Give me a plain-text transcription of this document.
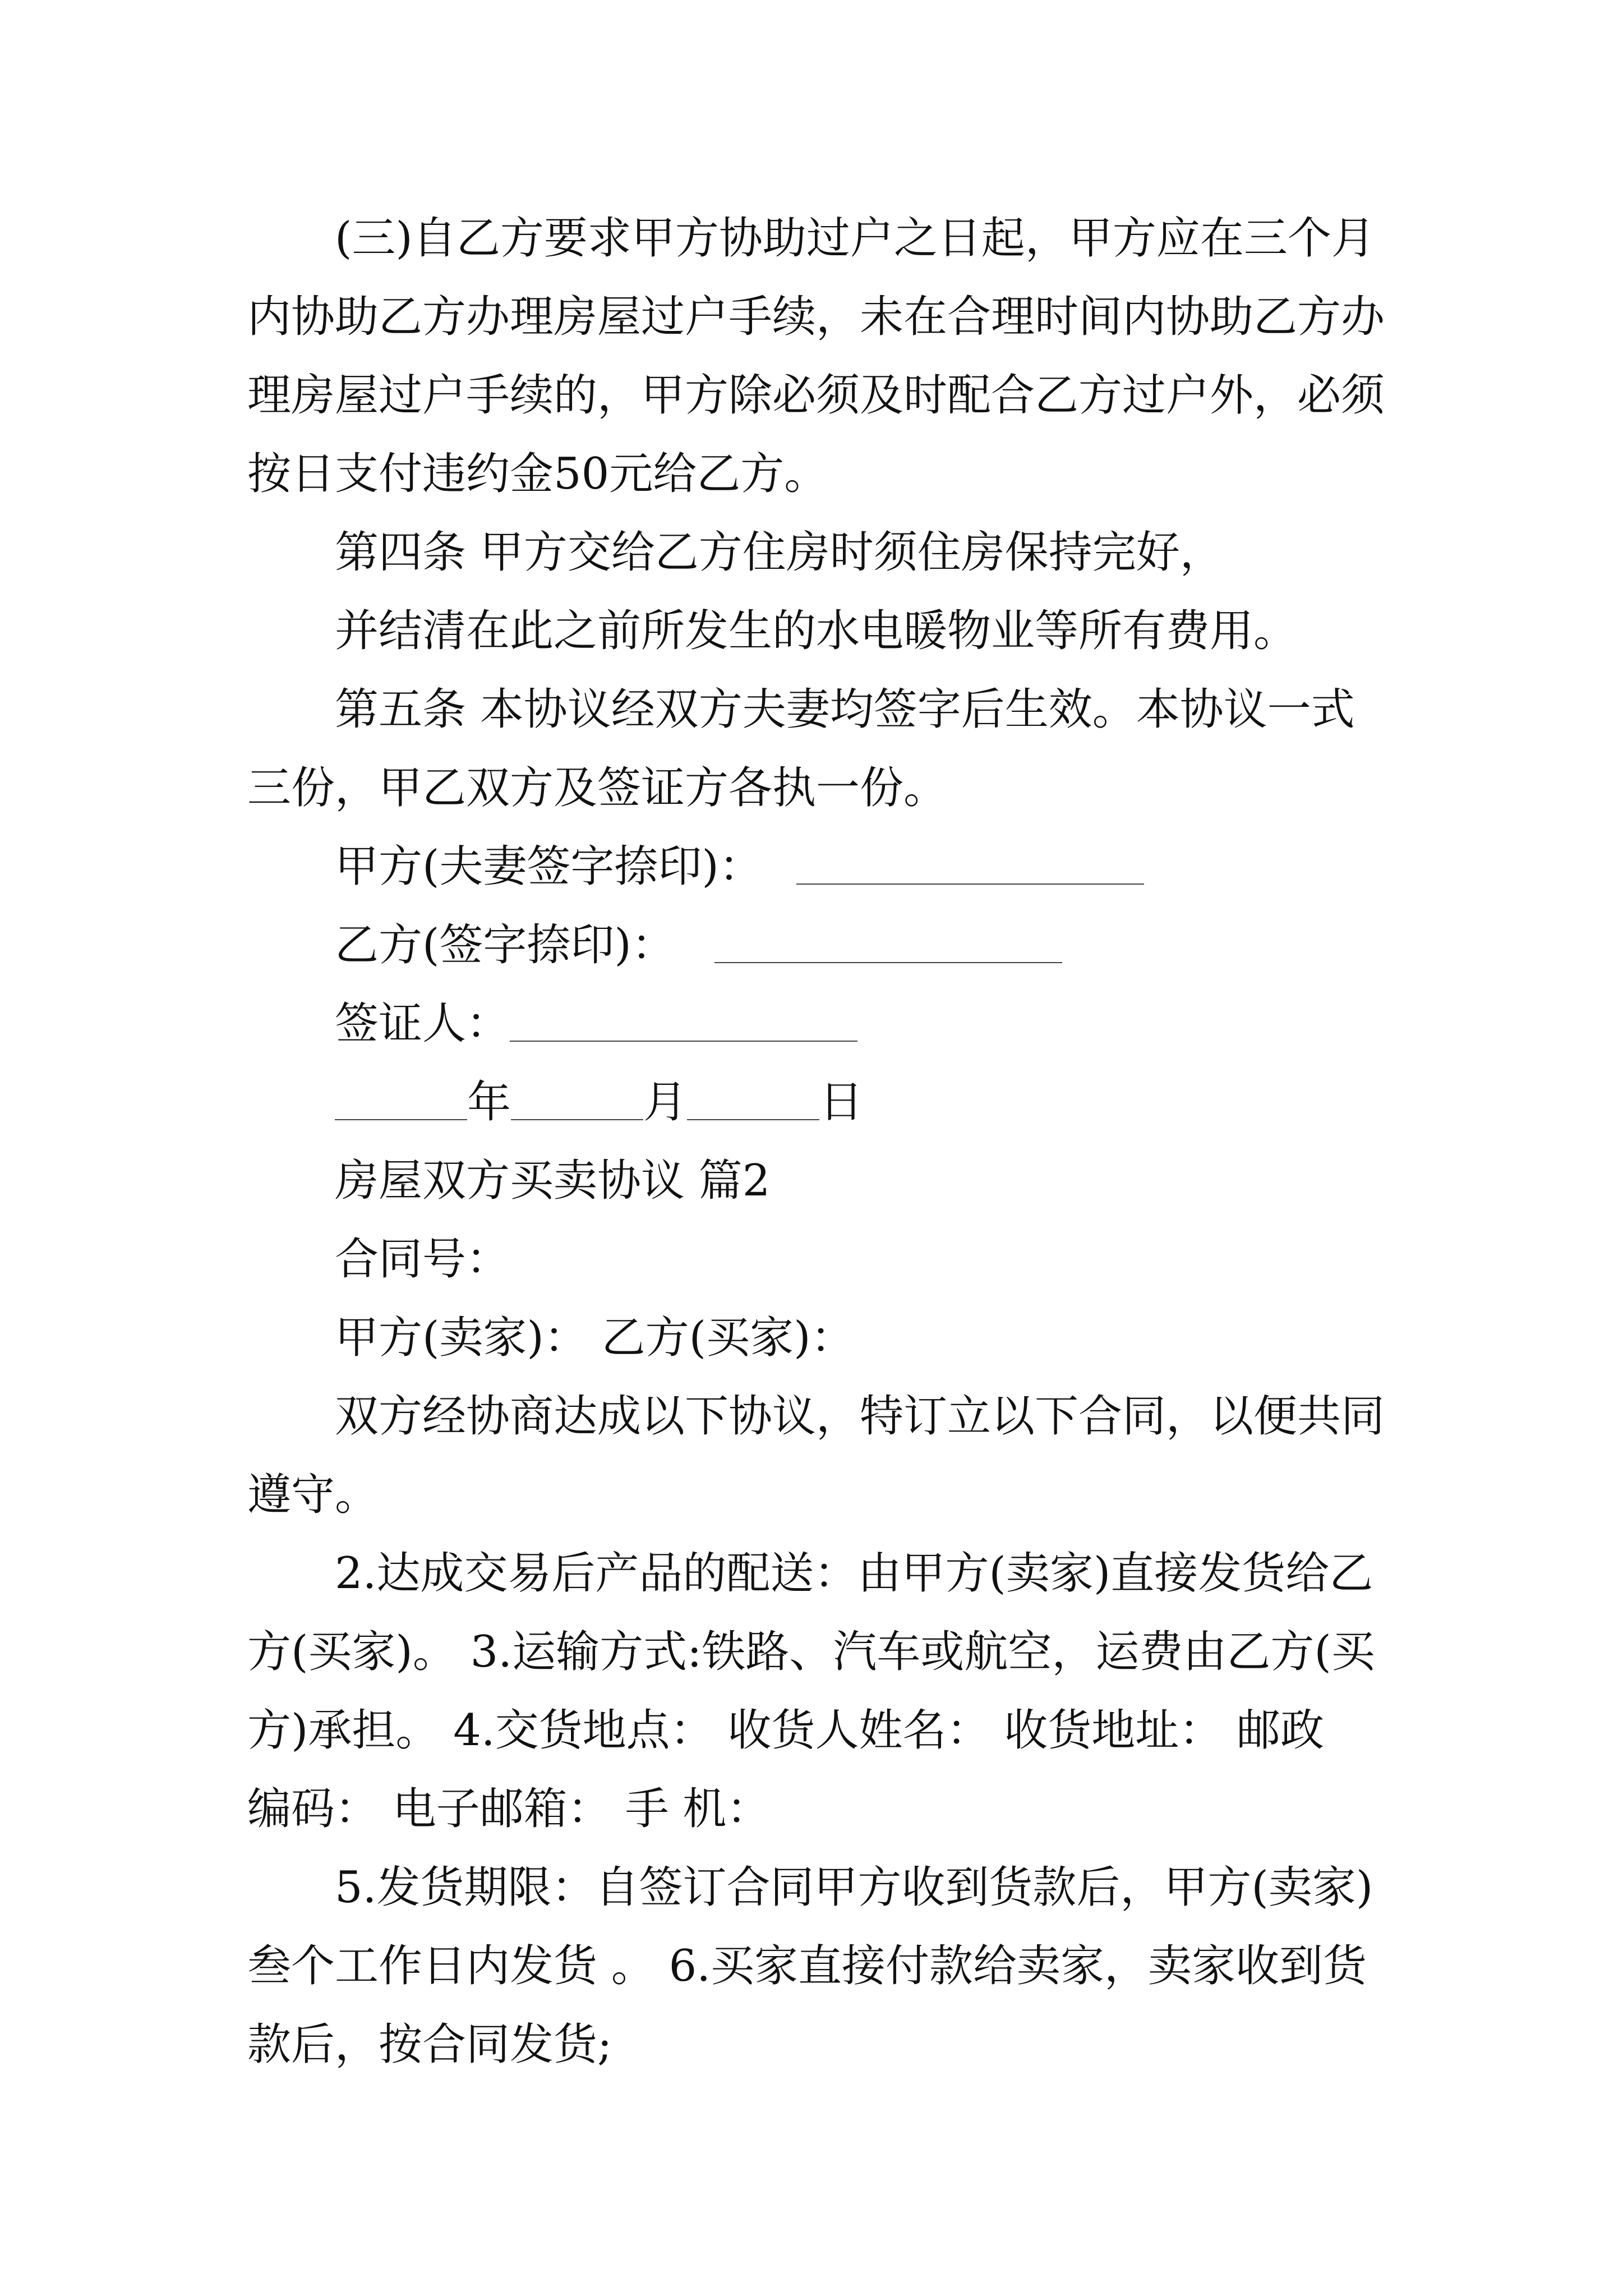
(三)自乙方要求甲方协助过户之日起，甲方应在三个月

内协助乙方办理房屋过户手续，未在合理时间内协助乙方办

理房屋过户手续的，甲方除必须及时配合乙方过户外，必须

按日支付违约金50元给乙方。

第四条 甲方交给乙方住房时须住房保持完好，

并结清在此之前所发生的水电暖物业等所有费用。

第五条 本协议经双方夫妻均签字后生效。本协议一式

三份，甲乙双方及签证方各执一份。

甲方(夫妻签字捺印)：

乙方(签字捺印)：

签证人：

年	月	日

房屋双方买卖协议 篇2

合同号：

甲方(卖家)： 乙方(买家)：

双方经协商达成以下协议，特订立以下合同，以便共同

遵守。

2.达成交易后产品的配送：由甲方(卖家)直接发货给乙

方(买家)。 3.运输方式:铁路、汽车或航空，运费由乙方(买

方)承担。 4.交货地点： 收货人姓名： 收货地址： 邮政

编码： 电子邮箱： 手 机：

5.发货期限：自签订合同甲方收到货款后，甲方(卖家)

叁个工作日内发货 。 6.买家直接付款给卖家，卖家收到货

款后，按合同发货;
